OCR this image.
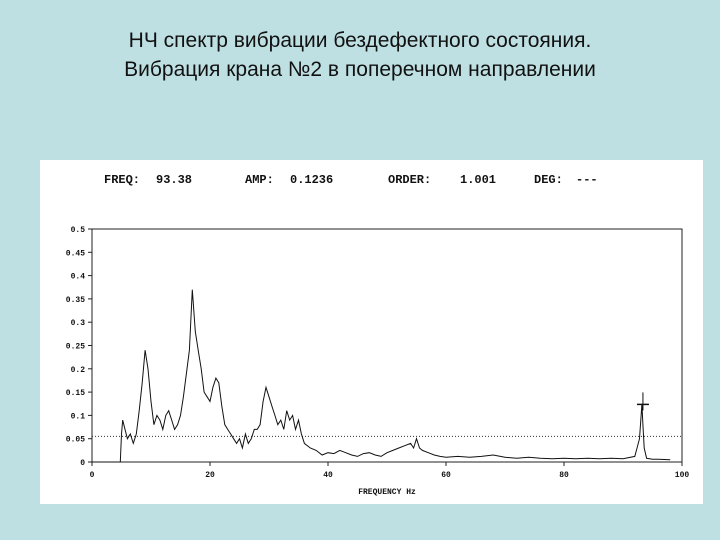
НЧ спектр вибрации бездефектного состояния.
Вибрация крана №2 в поперечном направлении
FREQ: 93.38	AMP: 0.1236	ORDER: 1.001	DEG: ---
0
0.05
0.1
0.15
0.2
0.25
0.3
0.35
0.4
0.45
0.5
0	20	40	60	80	100
FREQUENCY Hz
